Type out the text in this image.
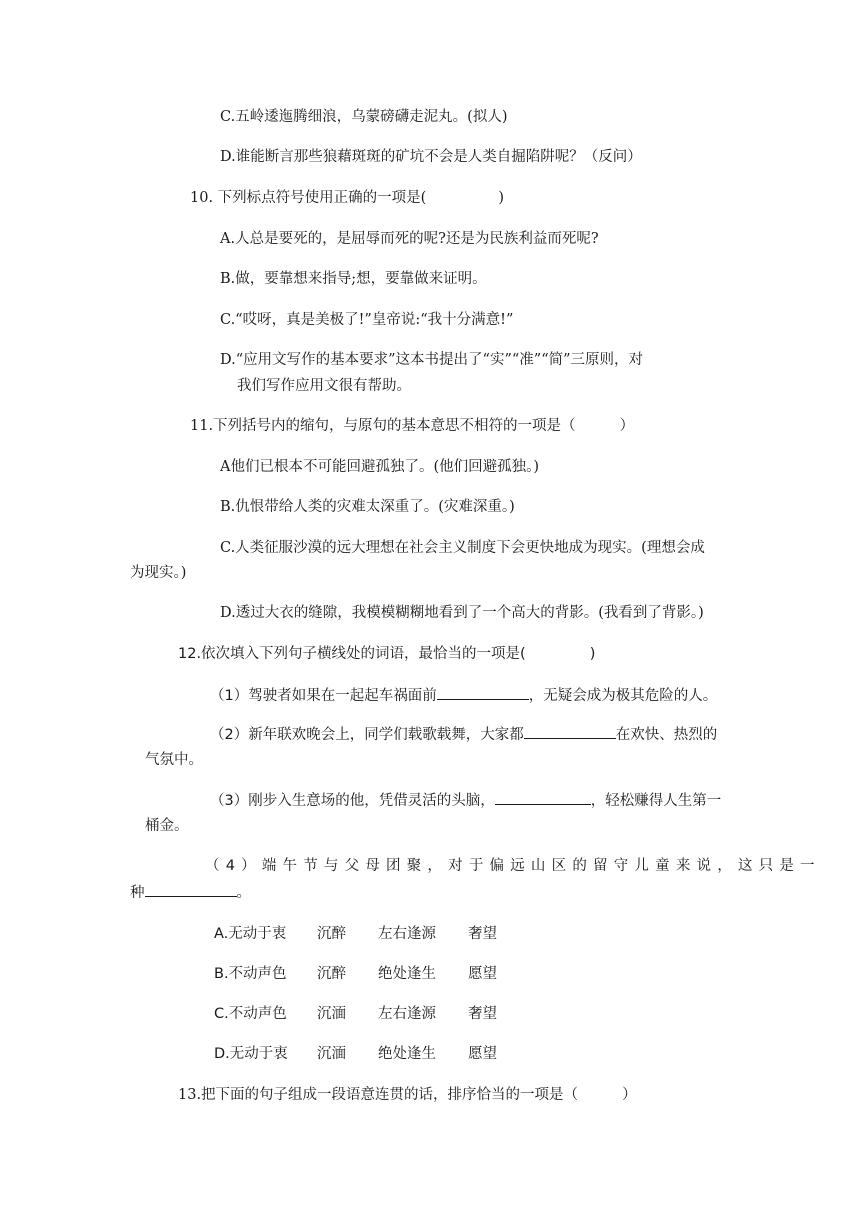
C.五岭逶迤腾细浪，乌蒙磅礴走泥丸。(拟人)
D.谁能断言那些狼藉斑斑的矿坑不会是人类自掘陷阱呢？（反问）
10. 下列标点符号使用正确的一项是(	)
A.人总是要死的，是屈辱而死的呢?还是为民族利益而死呢?
B.做，要靠想来指导;想，要靠做来证明。
C.“哎呀，真是美极了!”皇帝说:“我十分满意!”
D.“应用文写作的基本要求”这本书提出了“实”“准”“简”三原则，对
我们写作应用文很有帮助。
11.下列括号内的缩句，与原句的基本意思不相符的一项是（	）
A他们已根本不可能回避孤独了。(他们回避孤独。)
B.仇恨带给人类的灾难太深重了。(灾难深重。)
C.人类征服沙漠的远大理想在社会主义制度下会更快地成为现实。(理想会成
为现实。)
D.透过大衣的缝隙，我模模糊糊地看到了一个高大的背影。(我看到了背影。)
12.依次填入下列句子横线处的词语，最恰当的一项是(	)
（1）驾驶者如果在一起起车祸面前	，无疑会成为极其危险的人。
（2）新年联欢晚会上，同学们载歌载舞，大家都	在欢快、热烈的
气氛中。
（3）刚步入生意场的他，凭借灵活的头脑，	，轻松赚得人生第一
桶金。
（4）端午节与父母团聚，对于偏远山区的留守儿童来说，这只是一
种	。
A.无动于衷 沉醉 左右逢源 奢望
B.不动声色 沉醉 绝处逢生 愿望
C.不动声色 沉湎 左右逢源 奢望
D.无动于衷 沉湎 绝处逢生 愿望
13.把下面的句子组成一段语意连贯的话，排序恰当的一项是（	）
